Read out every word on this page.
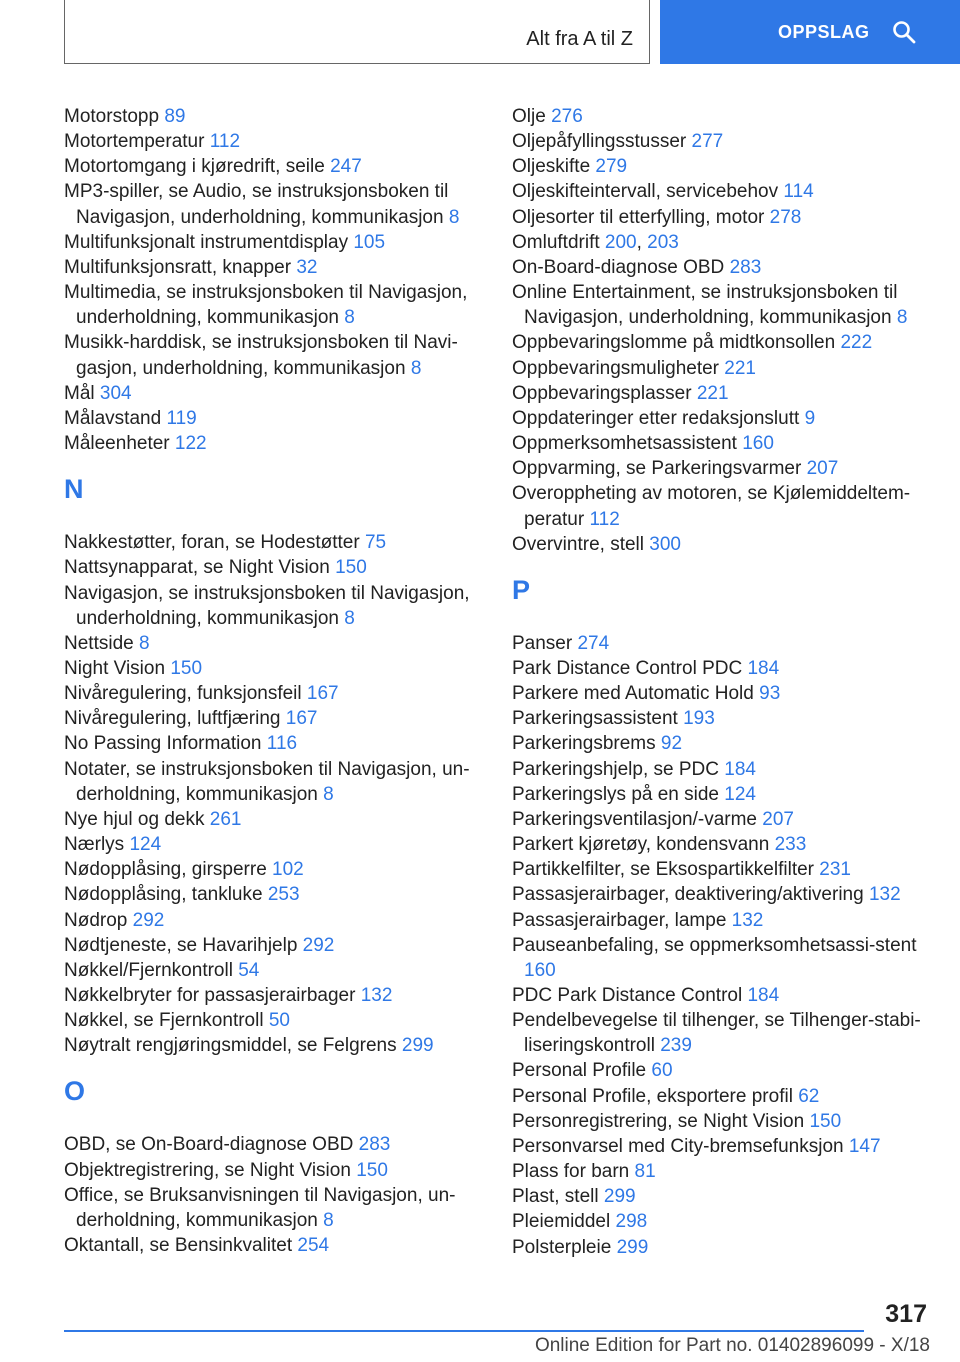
Alt fra A til Z	OPPSLAG
Motorstopp 89
Motortemperatur 112
Motortomgang i kjøredrift, seile 247
MP3-spiller, se Audio, se instruksjonsboken til Navigasjon, underholdning, kommunikasjon 8
Multifunksjonalt instrumentdisplay 105
Multifunksjonsratt, knapper 32
Multimedia, se instruksjonsboken til Navigasjon, underholdning, kommunikasjon 8
Musikk-harddisk, se instruksjonsboken til Navi-gasjon, underholdning, kommunikasjon 8
Mål 304
Målavstand 119
Måleenheter 122
N
Nakkestøtter, foran, se Hodestøtter 75
Nattsynapparat, se Night Vision 150
Navigasjon, se instruksjonsboken til Navigasjon, underholdning, kommunikasjon 8
Nettside 8
Night Vision 150
Nivåregulering, funksjonsfeil 167
Nivåregulering, luftfjæring 167
No Passing Information 116
Notater, se instruksjonsboken til Navigasjon, un-derholdning, kommunikasjon 8
Nye hjul og dekk 261
Nærlys 124
Nødopplåsing, girsperre 102
Nødopplåsing, tankluke 253
Nødrop 292
Nødtjeneste, se Havarihjelp 292
Nøkkel/Fjernkontroll 54
Nøkkelbryter for passasjerairbager 132
Nøkkel, se Fjernkontroll 50
Nøytralt rengjøringsmiddel, se Felgrens 299
O
OBD, se On-Board-diagnose OBD 283
Objektregistrering, se Night Vision 150
Office, se Bruksanvisningen til Navigasjon, un-derholdning, kommunikasjon 8
Oktantall, se Bensinkvalitet 254
Olje 276
Oljepåfyllingsstusser 277
Oljeskifte 279
Oljeskifteintervall, servicebehov 114
Oljesorter til etterfylling, motor 278
Omluftdrift 200, 203
On-Board-diagnose OBD 283
Online Entertainment, se instruksjonsboken til Navigasjon, underholdning, kommunikasjon 8
Oppbevaringslomme på midtkonsollen 222
Oppbevaringsmuligheter 221
Oppbevaringsplasser 221
Oppdateringer etter redaksjonslutt 9
Oppmerksomhetsassistent 160
Oppvarming, se Parkeringsvarmer 207
Overoppheting av motoren, se Kjølemiddeltem-peratur 112
Overvintre, stell 300
P
Panser 274
Park Distance Control PDC 184
Parkere med Automatic Hold 93
Parkeringsassistent 193
Parkeringsbrems 92
Parkeringshjelp, se PDC 184
Parkeringslys på en side 124
Parkeringsventilasjon/-varme 207
Parkert kjøretøy, kondensvann 233
Partikkelfilter, se Eksospartikkelfilter 231
Passasjerairbager, deaktivering/aktivering 132
Passasjerairbager, lampe 132
Pauseanbefaling, se oppmerksomhetsassi-stent 160
PDC Park Distance Control 184
Pendelbevegelse til tilhenger, se Tilhenger-stabi-liseringskontroll 239
Personal Profile 60
Personal Profile, eksportere profil 62
Personregistrering, se Night Vision 150
Personvarsel med City-bremsefunksjon 147
Plass for barn 81
Plast, stell 299
Pleiemiddel 298
Polsterpleie 299
317
Online Edition for Part no. 01402896099 - X/18
